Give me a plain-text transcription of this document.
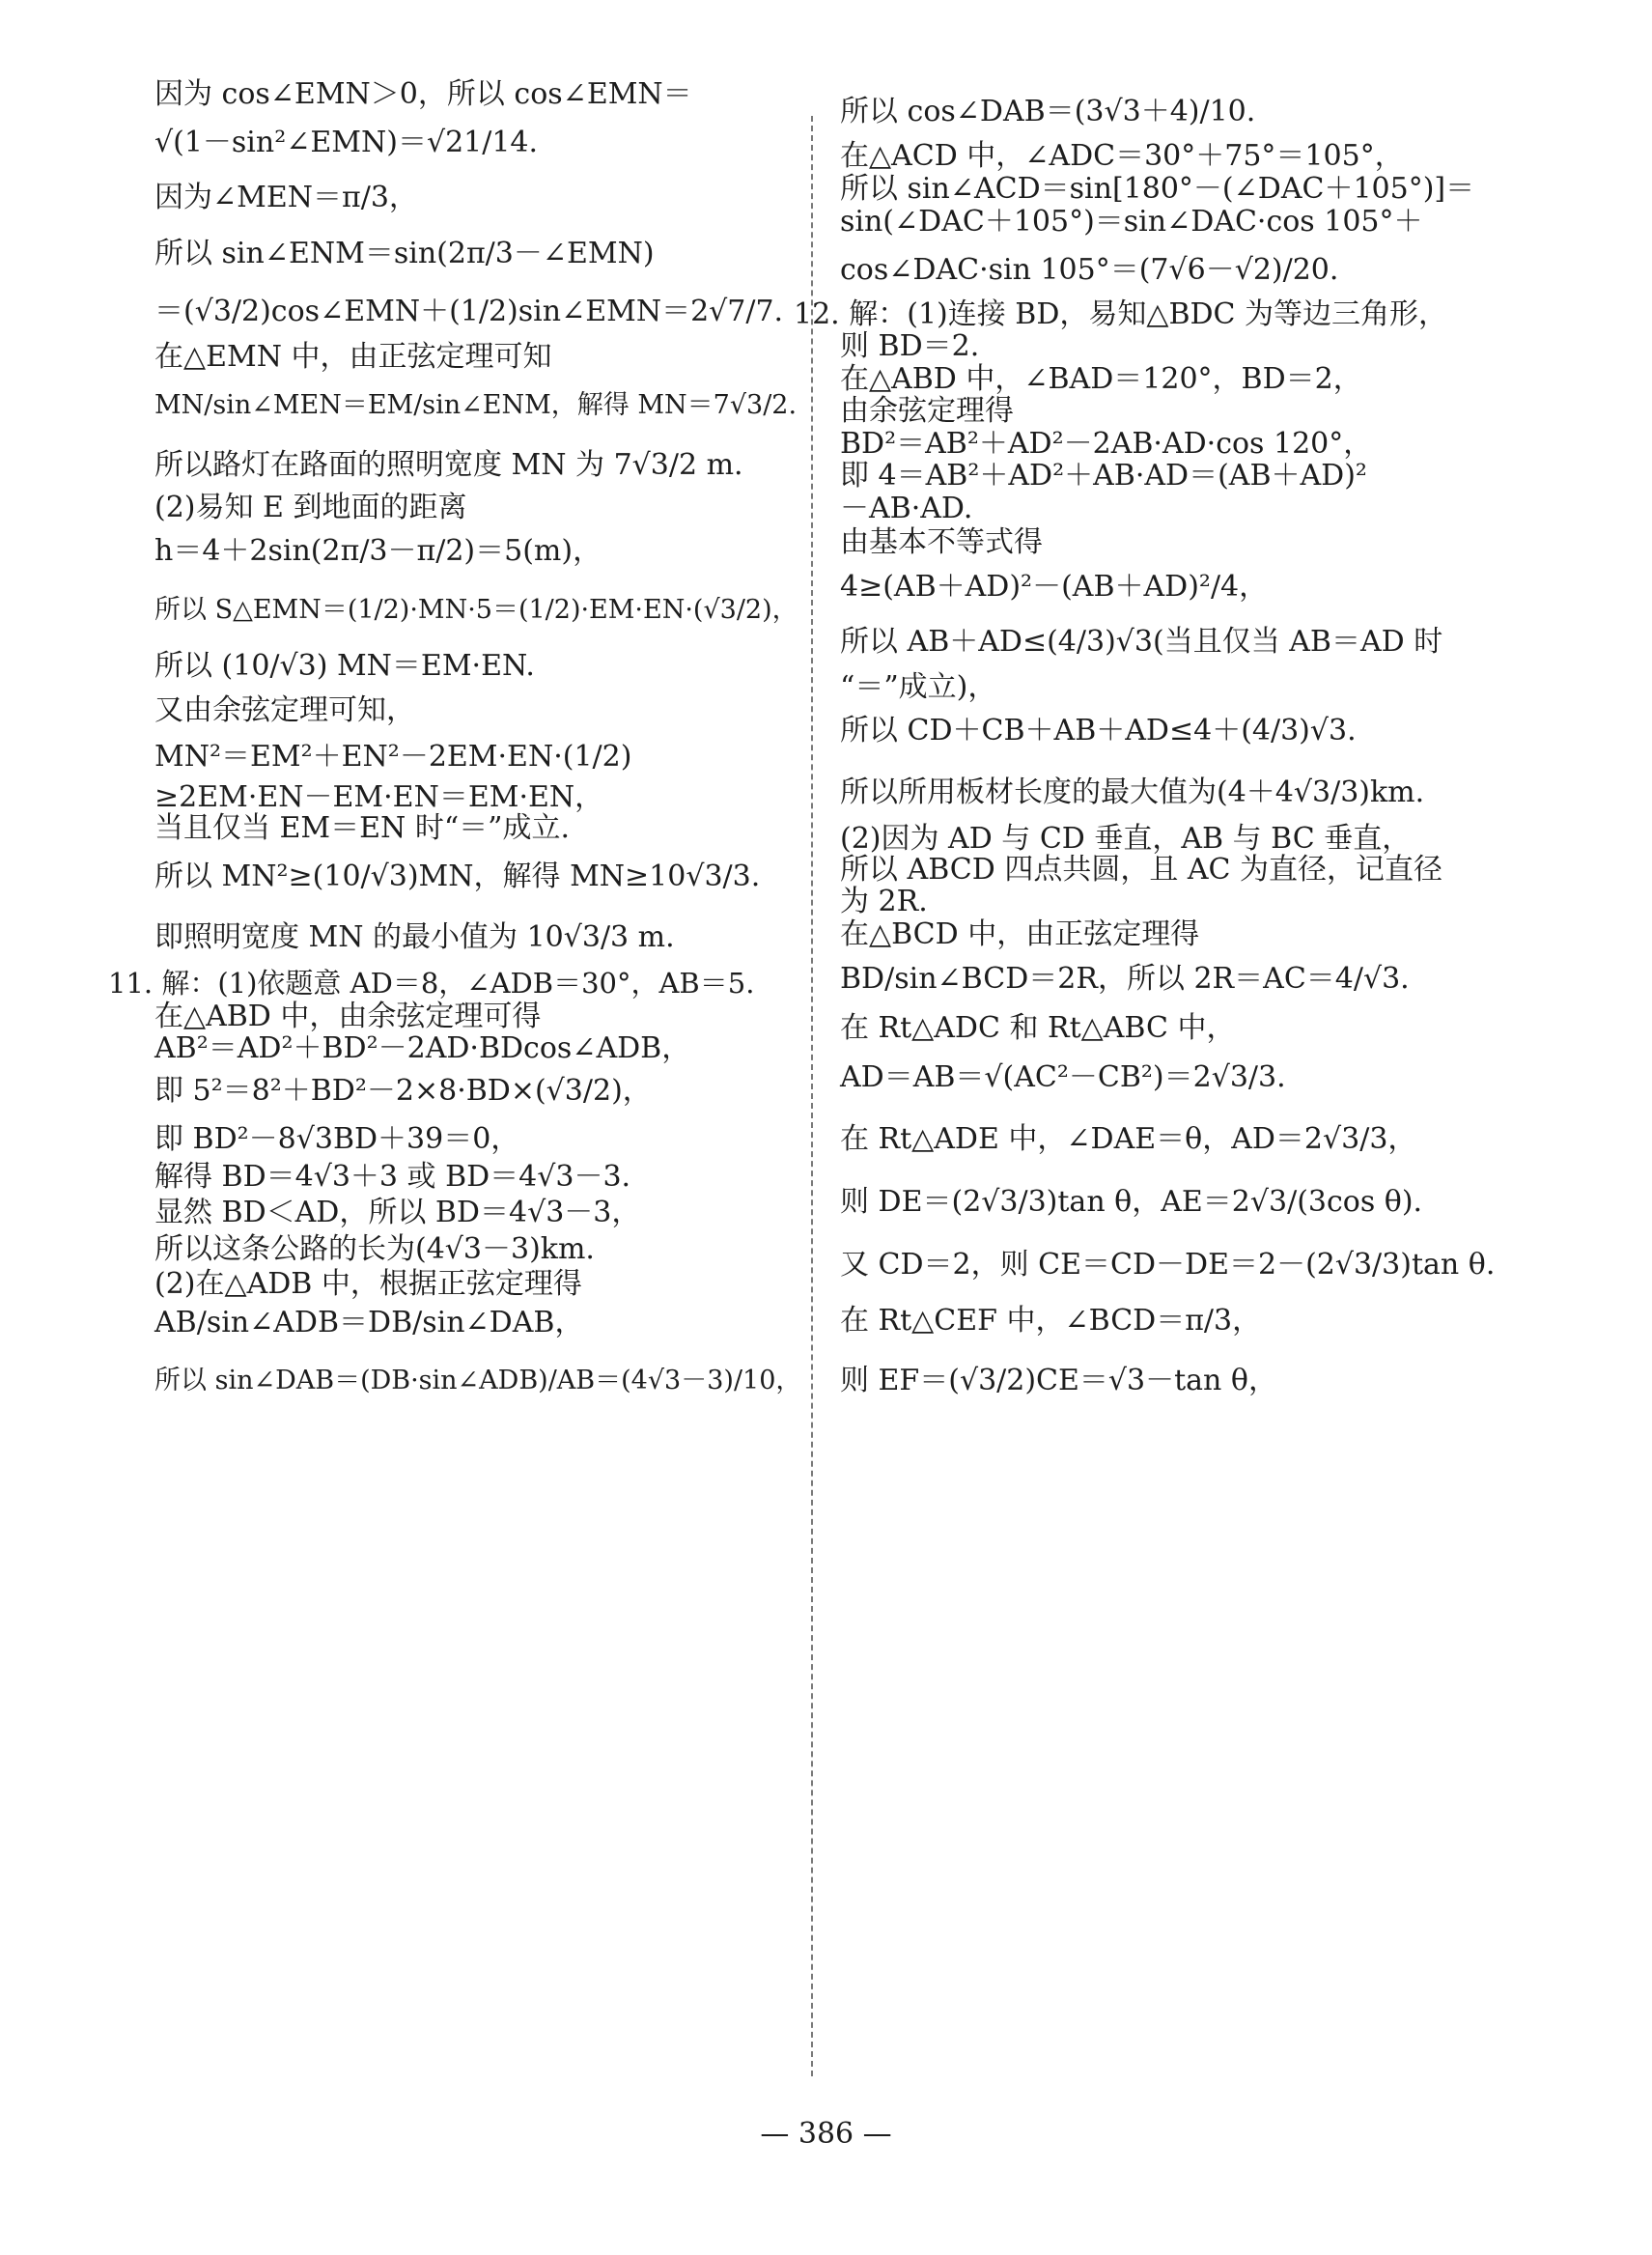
因为 cos∠EMN＞0，所以 cos∠EMN＝
√(1－sin²∠EMN)＝√21/14.
因为∠MEN＝π/3，
所以 sin∠ENM＝sin(2π/3－∠EMN)
＝(√3/2)cos∠EMN＋(1/2)sin∠EMN＝2√7/7.
在△EMN 中，由正弦定理可知
MN/sin∠MEN＝EM/sin∠ENM，解得 MN＝7√3/2.
所以路灯在路面的照明宽度 MN 为 7√3/2 m.
(2)易知 E 到地面的距离
h＝4＋2sin(2π/3－π/2)＝5(m)，
所以 S△EMN＝(1/2)·MN·5＝(1/2)·EM·EN·(√3/2)，
所以 (10/√3) MN＝EM·EN.
又由余弦定理可知，
MN²＝EM²＋EN²－2EM·EN·(1/2)
≥2EM·EN－EM·EN＝EM·EN，
当且仅当 EM＝EN 时“＝”成立.
所以 MN²≥(10/√3)MN，解得 MN≥10√3/3.
即照明宽度 MN 的最小值为 10√3/3 m.
11. 解：(1)依题意 AD＝8，∠ADB＝30°，AB＝5.
在△ABD 中，由余弦定理可得
AB²＝AD²＋BD²－2AD·BDcos∠ADB，
即 5²＝8²＋BD²－2×8·BD×(√3/2)，
即 BD²－8√3BD＋39＝0，
解得 BD＝4√3＋3 或 BD＝4√3－3.
显然 BD＜AD，所以 BD＝4√3－3，
所以这条公路的长为(4√3－3)km.
(2)在△ADB 中，根据正弦定理得
AB/sin∠ADB＝DB/sin∠DAB，
所以 sin∠DAB＝(DB·sin∠ADB)/AB＝(4√3－3)/10，
所以 cos∠DAB＝(3√3＋4)/10.
在△ACD 中，∠ADC＝30°＋75°＝105°，
所以 sin∠ACD＝sin[180°－(∠DAC＋105°)]＝
sin(∠DAC＋105°)＝sin∠DAC·cos 105°＋
cos∠DAC·sin 105°＝(7√6－√2)/20.
12. 解：(1)连接 BD，易知△BDC 为等边三角形，
则 BD＝2.
在△ABD 中，∠BAD＝120°，BD＝2，
由余弦定理得
BD²＝AB²＋AD²－2AB·AD·cos 120°，
即 4＝AB²＋AD²＋AB·AD＝(AB＋AD)²
－AB·AD.
由基本不等式得
4≥(AB＋AD)²－(AB＋AD)²/4，
所以 AB＋AD≤(4/3)√3(当且仅当 AB＝AD 时
“＝”成立)，
所以 CD＋CB＋AB＋AD≤4＋(4/3)√3.
所以所用板材长度的最大值为(4＋4√3/3)km.
(2)因为 AD 与 CD 垂直，AB 与 BC 垂直，
所以 ABCD 四点共圆，且 AC 为直径，记直径
为 2R.
在△BCD 中，由正弦定理得
BD/sin∠BCD＝2R，所以 2R＝AC＝4/√3.
在 Rt△ADC 和 Rt△ABC 中，
AD＝AB＝√(AC²－CB²)＝2√3/3.
在 Rt△ADE 中，∠DAE＝θ，AD＝2√3/3，
则 DE＝(2√3/3)tan θ，AE＝2√3/(3cos θ).
又 CD＝2，则 CE＝CD－DE＝2－(2√3/3)tan θ.
在 Rt△CEF 中，∠BCD＝π/3，
则 EF＝(√3/2)CE＝√3－tan θ，
— 386 —
